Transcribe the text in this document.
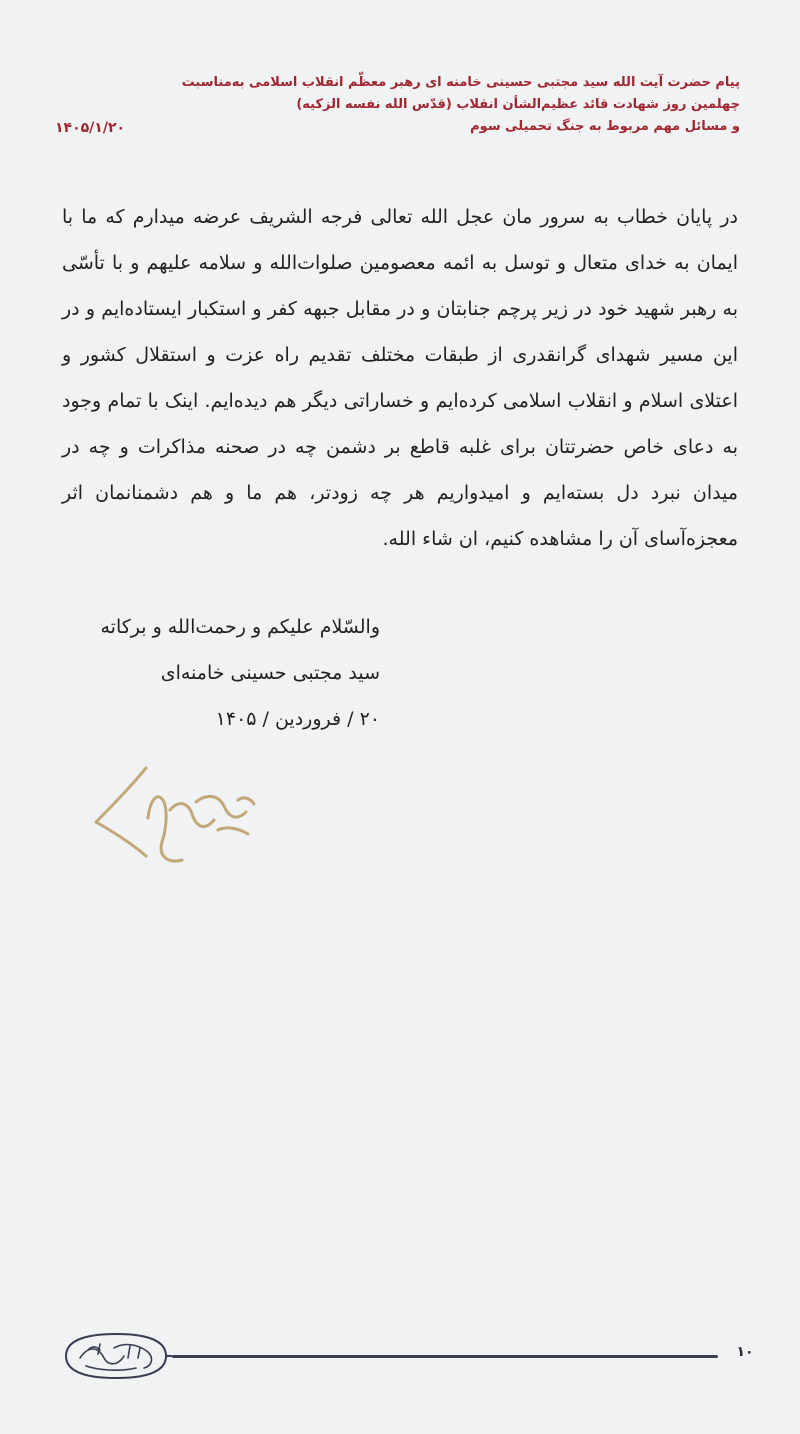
پیام حضرت آیت الله سید مجتبی حسینی خامنه ای رهبر معظّم انقلاب اسلامی به‌مناسبت
چهلمین روز شهادت قائد عظیم‌الشأن انقلاب (قدّس الله نفسه الزکیه)
و مسائل مهم مربوط به جنگ تحمیلی سوم
۱۴۰۵/۱/۲۰

در پایان خطاب به سرور مان عجل الله تعالی فرجه الشریف عرضه میدارم که ما با ایمان به خدای متعال و توسل به ائمه معصومین صلوات‌الله و سلامه علیهم و با تأسّی به رهبر شهید خود در زیر پرچم جنابتان و در مقابل جبهه کفر و استکبار ایستاده‌ایم و در این مسیر شهدای گرانقدری از طبقات مختلف تقدیم راه عزت و استقلال کشور و اعتلای اسلام و انقلاب اسلامی کرده‌ایم و خساراتی دیگر هم دیده‌ایم. اینک با تمام وجود به دعای خاص حضرتتان برای غلبه قاطع بر دشمن چه در صحنه مذاکرات و چه در میدان نبرد دل بسته‌ایم و امیدواریم هر چه زودتر، هم ما و هم دشمنانمان اثر معجزه‌آسای آن را مشاهده کنیم، ان شاء الله.

والسّلام علیکم و رحمت‌الله و برکاته
سید مجتبی حسینی خامنه‌ای
۲۰ / فروردین / ۱۴۰۵
۱۰
